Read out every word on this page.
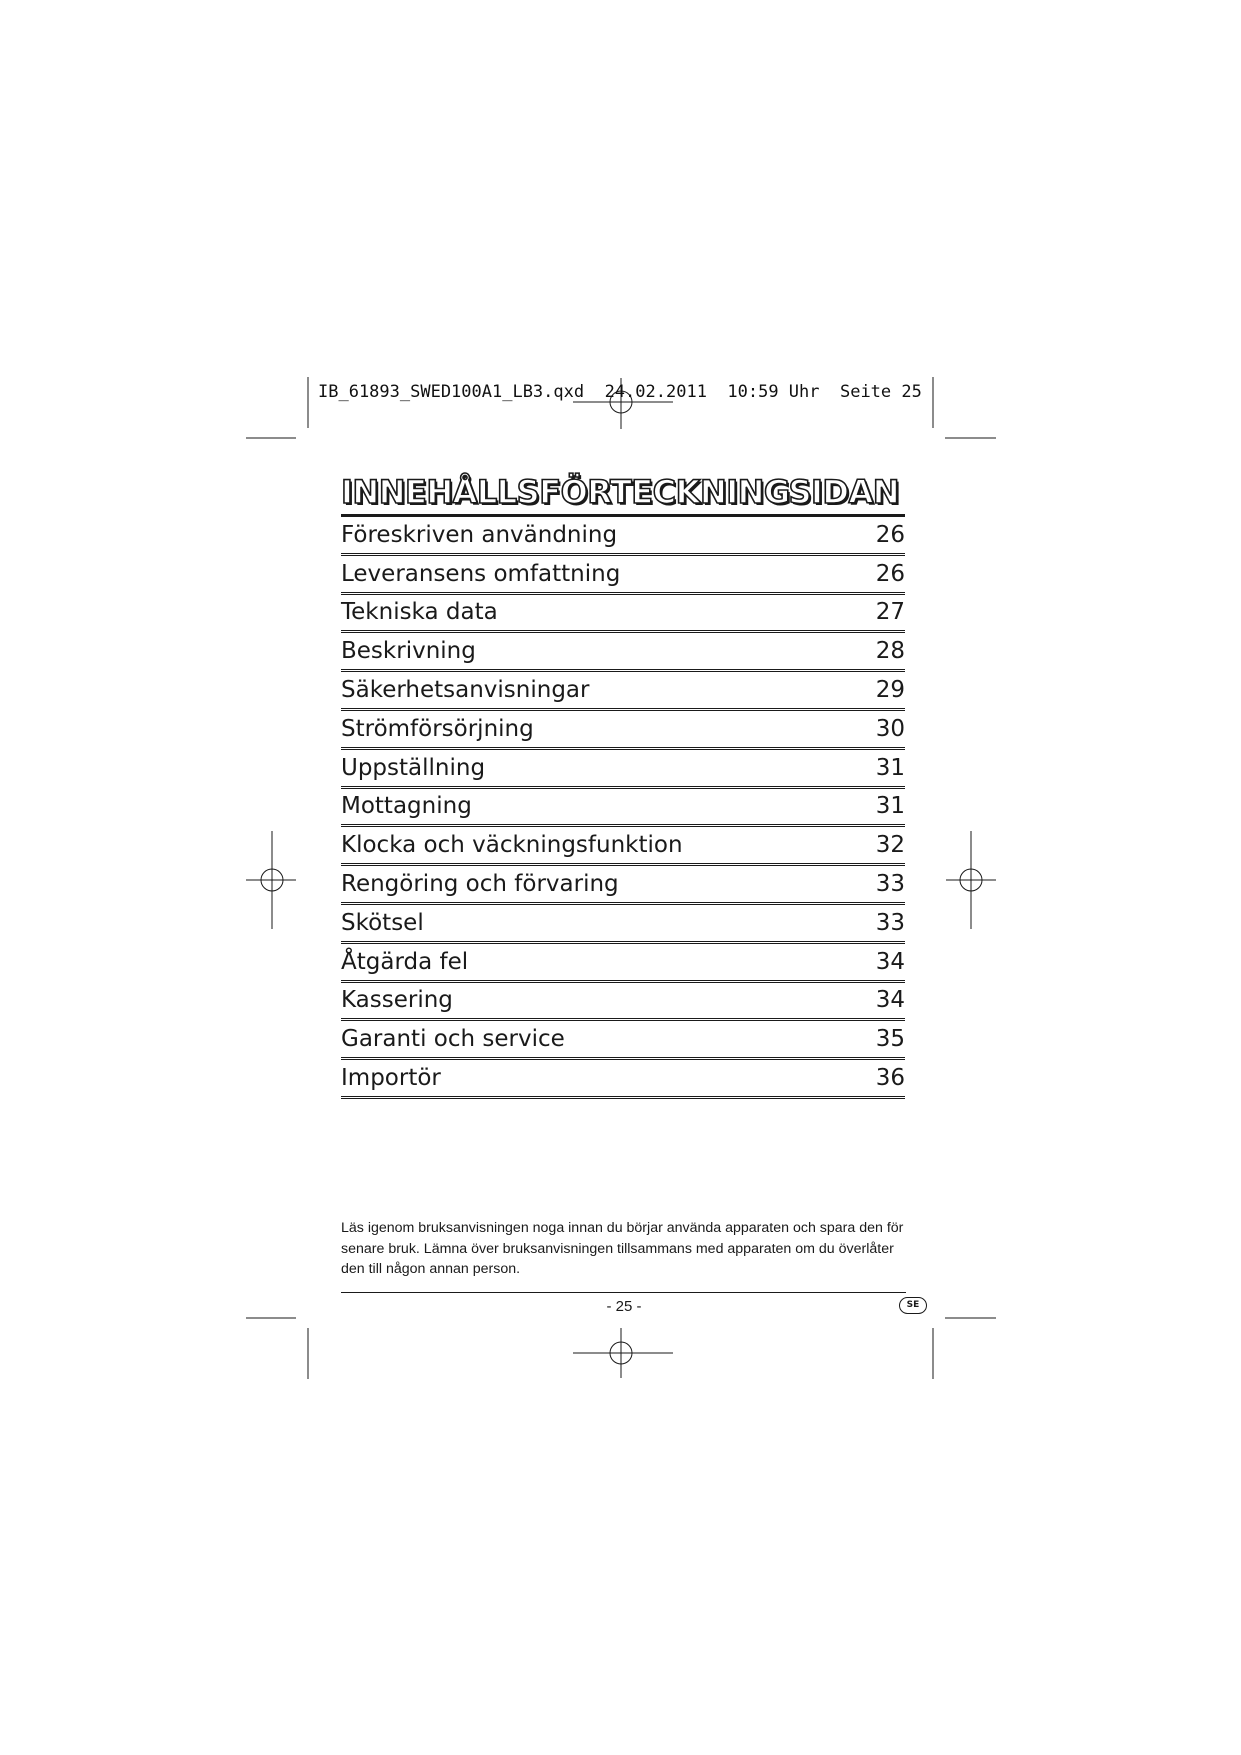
IB_61893_SWED100A1_LB3.qxd  24.02.2011  10:59 Uhr  Seite 25
INNEHÅLLSFÖRTECKNING
SIDAN
Föreskriven användning	26
Leveransens omfattning	26
Tekniska data	27
Beskrivning	28
Säkerhetsanvisningar	29
Strömförsörjning	30
Uppställning	31
Mottagning	31
Klocka och väckningsfunktion	32
Rengöring och förvaring	33
Skötsel	33
Åtgärda fel	34
Kassering	34
Garanti och service	35
Importör	36

Läs igenom bruksanvisningen noga innan du börjar använda apparaten och spara den för senare bruk. Lämna över bruksanvisningen tillsammans med apparaten om du överlåter den till någon annan person.

- 25 -	SE
